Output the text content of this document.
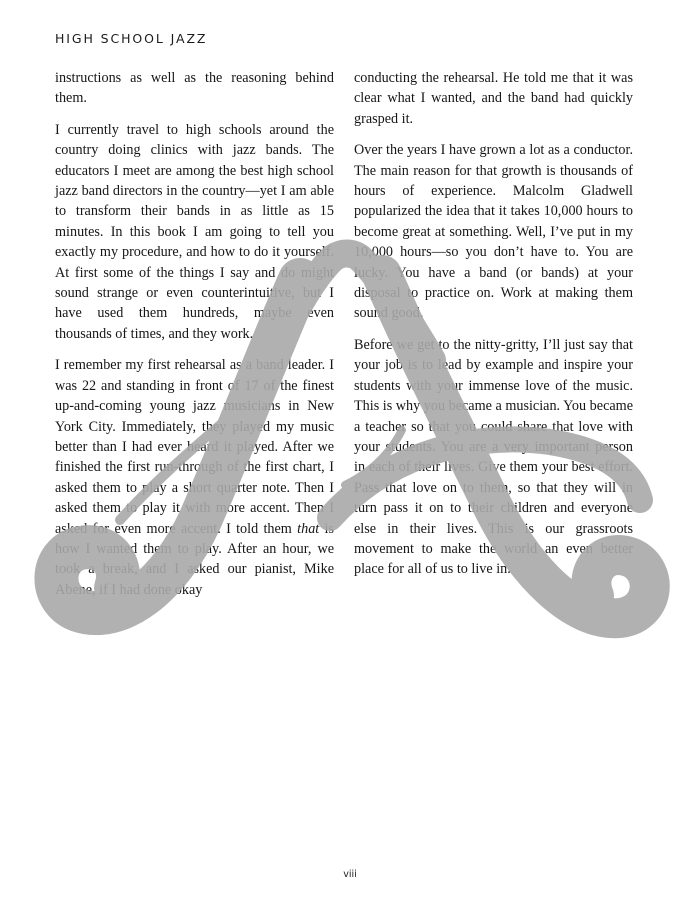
HIGH SCHOOL JAZZ

instructions as well as the reasoning behind them.

I currently travel to high schools around the country doing clinics with jazz bands. The educators I meet are among the best high school jazz band directors in the country—yet I am able to transform their bands in as little as 15 minutes. In this book I am going to tell you exactly my procedure, and how to do it yourself. At first some of the things I say and do might sound strange or even counterintuitive, but I have used them hundreds, maybe even thousands of times, and they work.

I remember my first rehearsal as a band leader. I was 22 and standing in front of 17 of the finest up-and-coming young jazz musicians in New York City. Immediately, they played my music better than I had ever heard it played. After we finished the first run-through of the first chart, I asked them to play a short quarter note. Then I asked them to play it with more accent. Then I asked for even more accent. I told them that is how I wanted them to play. After an hour, we took a break, and I asked our pianist, Mike Abene, if I had done okay

conducting the rehearsal. He told me that it was clear what I wanted, and the band had quickly grasped it.

Over the years I have grown a lot as a conductor. The main reason for that growth is thousands of hours of experience. Malcolm Gladwell popularized the idea that it takes 10,000 hours to become great at something. Well, I’ve put in my 10,000 hours—so you don’t have to. You are lucky. You have a band (or bands) at your disposal to practice on. Work at making them sound good.

Before we get to the nitty-gritty, I’ll just say that your job is to lead by example and inspire your students with your immense love of the music. This is why you became a musician. You became a teacher so that you could share that love with your students. You are a very important person in each of their lives. Give them your best effort. Pass that love on to them, so that they will in turn pass it on to their children and everyone else in their lives. This is our grassroots movement to make the world an even better place for all of us to live in.

viii
